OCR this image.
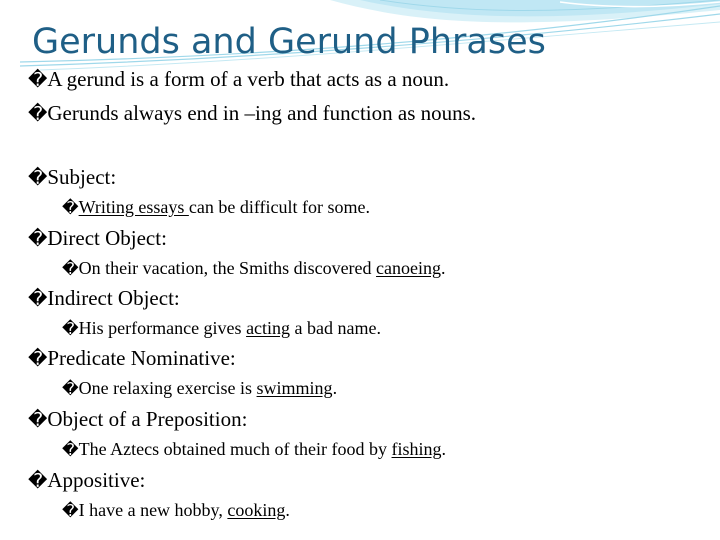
Gerunds and Gerund Phrases
�A gerund is a form of a verb that acts as a noun.
�Gerunds always end in –ing and function as nouns.
�Subject:
�Writing essays can be difficult for some.
�Direct Object:
�On their vacation, the Smiths discovered canoeing.
�Indirect Object:
�His performance gives acting a bad name.
�Predicate Nominative:
�One relaxing exercise is swimming.
�Object of a Preposition:
�The Aztecs obtained much of their food by fishing.
�Appositive:
�I have a new hobby, cooking.
